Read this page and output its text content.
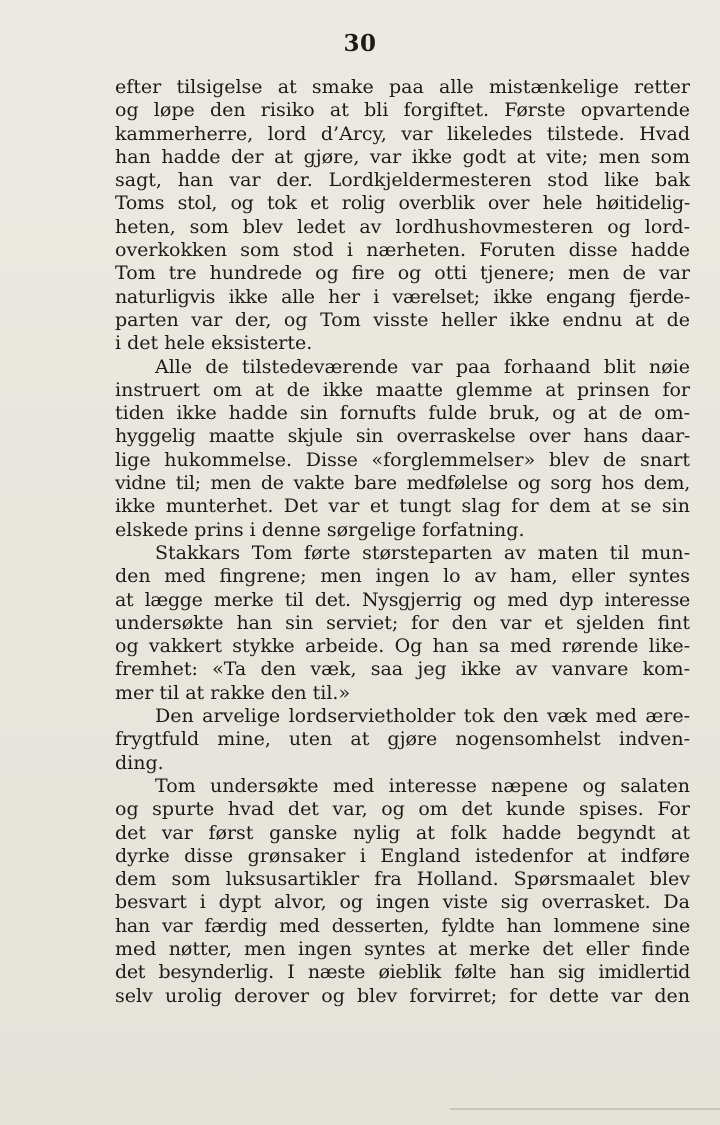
30
efter tilsigelse at smake paa alle mistænkelige retter
og løpe den risiko at bli forgiftet. Første opvartende
kammerherre, lord d’Arcy, var likeledes tilstede. Hvad
han hadde der at gjøre, var ikke godt at vite; men som
sagt, han var der. Lordkjeldermesteren stod like bak
Toms stol, og tok et rolig overblik over hele høitidelig-
heten, som blev ledet av lordhushovmesteren og lord-
overkokken som stod i nærheten. Foruten disse hadde
Tom tre hundrede og fire og otti tjenere; men de var
naturligvis ikke alle her i værelset; ikke engang fjerde-
parten var der, og Tom visste heller ikke endnu at de
i det hele eksisterte.
Alle de tilstedeværende var paa forhaand blit nøie
instruert om at de ikke maatte glemme at prinsen for
tiden ikke hadde sin fornufts fulde bruk, og at de om-
hyggelig maatte skjule sin overraskelse over hans daar-
lige hukommelse. Disse «forglemmelser» blev de snart
vidne til; men de vakte bare medfølelse og sorg hos dem,
ikke munterhet. Det var et tungt slag for dem at se sin
elskede prins i denne sørgelige forfatning.
Stakkars Tom førte størsteparten av maten til mun-
den med fingrene; men ingen lo av ham, eller syntes
at lægge merke til det. Nysgjerrig og med dyp interesse
undersøkte han sin serviet; for den var et sjelden fint
og vakkert stykke arbeide. Og han sa med rørende like-
fremhet: «Ta den væk, saa jeg ikke av vanvare kom-
mer til at rakke den til.»
Den arvelige lordservietholder tok den væk med ære-
frygtfuld mine, uten at gjøre nogensomhelst indven-
ding.
Tom undersøkte med interesse næpene og salaten
og spurte hvad det var, og om det kunde spises. For
det var først ganske nylig at folk hadde begyndt at
dyrke disse grønsaker i England istedenfor at indføre
dem som luksusartikler fra Holland. Spørsmaalet blev
besvart i dypt alvor, og ingen viste sig overrasket. Da
han var færdig med desserten, fyldte han lommene sine
med nøtter, men ingen syntes at merke det eller finde
det besynderlig. I næste øieblik følte han sig imidlertid
selv urolig derover og blev forvirret; for dette var den
